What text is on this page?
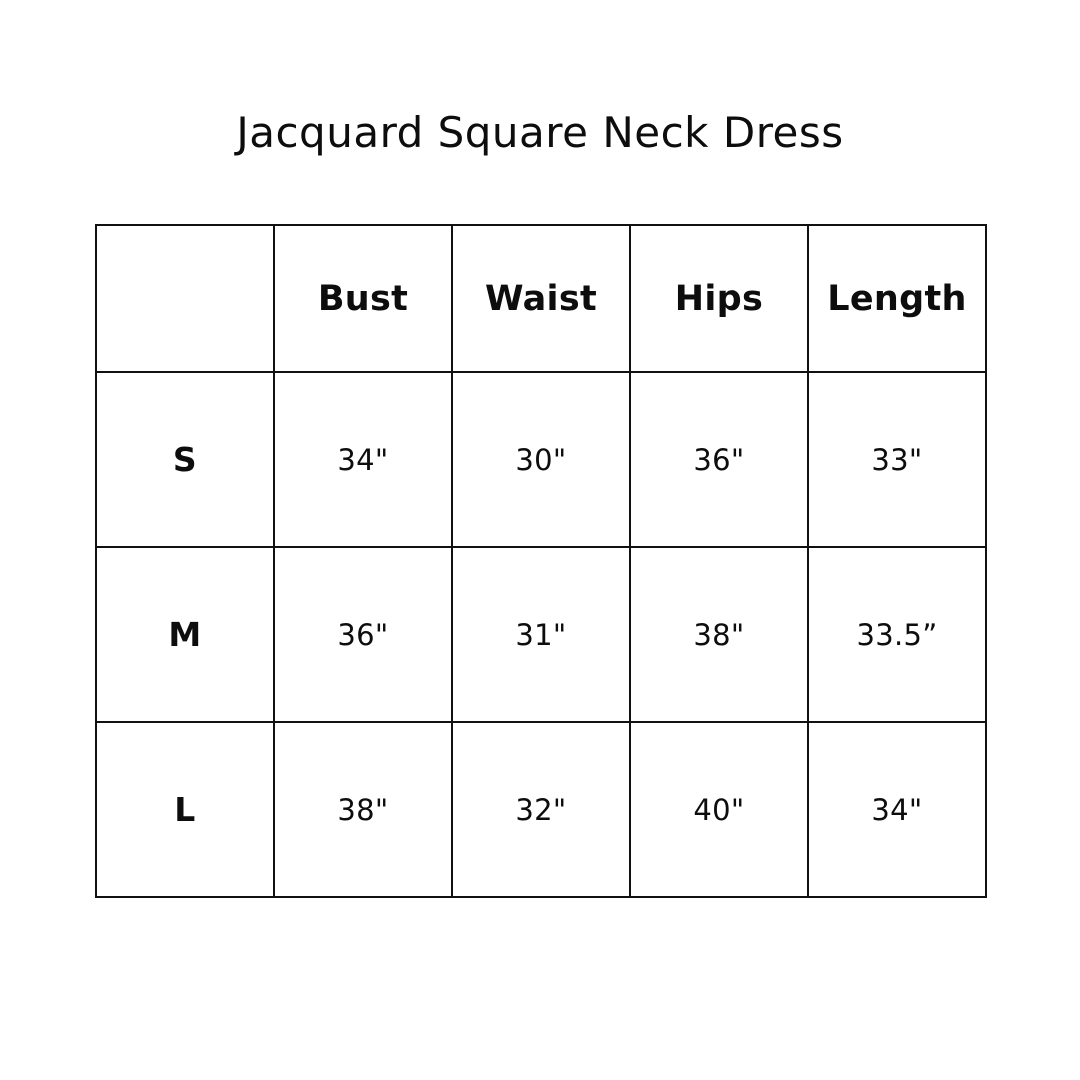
Jacquard Square Neck Dress
	Bust	Waist	Hips	Length
S	34"	30"	36"	33"
M	36"	31"	38"	33.5”
L	38"	32"	40"	34"
